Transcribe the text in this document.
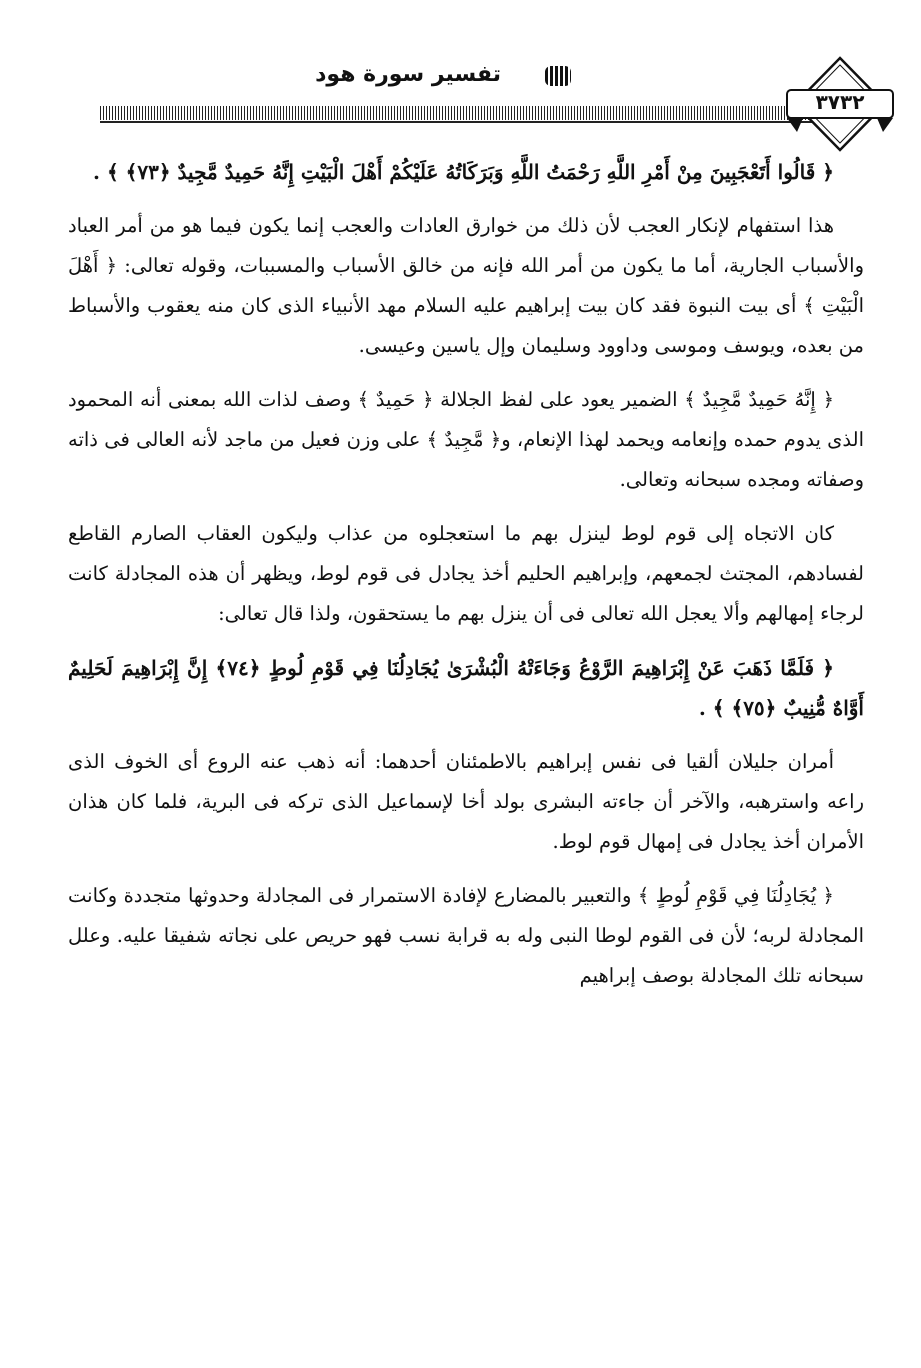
تفسير سورة هود
٣٧٣٢

﴿ قَالُوا أَتَعْجَبِينَ مِنْ أَمْرِ اللَّهِ رَحْمَتُ اللَّهِ وَبَرَكَاتُهُ عَلَيْكُمْ أَهْلَ الْبَيْتِ إِنَّهُ حَمِيدٌ مَّجِيدٌ ﴿٧٣﴾ ﴾ .

هذا استفهام لإنكار العجب لأن ذلك من خوارق العادات والعجب إنما يكون فيما هو من أمر العباد والأسباب الجارية، أما ما يكون من أمر الله فإنه من خالق الأسباب والمسببات، وقوله تعالى: ﴿ أَهْلَ الْبَيْتِ ﴾ أى بيت النبوة فقد كان بيت إبراهيم عليه السلام مهد الأنبياء الذى كان منه يعقوب والأسباط من بعده، ويوسف وموسى وداوود وسليمان وإل ياسين وعيسى.

﴿ إِنَّهُ حَمِيدٌ مَّجِيدٌ ﴾ الضمير يعود على لفظ الجلالة ﴿ حَمِيدٌ ﴾ وصف لذات الله بمعنى أنه المحمود الذى يدوم حمده وإنعامه ويحمد لهذا الإنعام، و﴿ مَّجِيدٌ ﴾ على وزن فعيل من ماجد لأنه العالى فى ذاته وصفاته ومجده سبحانه وتعالى.

كان الاتجاه إلى قوم لوط لينزل بهم ما استعجلوه من عذاب وليكون العقاب الصارم القاطع لفسادهم، المجتث لجمعهم، وإبراهيم الحليم أخذ يجادل فى قوم لوط، ويظهر أن هذه المجادلة كانت لرجاء إمهالهم وألا يعجل الله تعالى فى أن ينزل بهم ما يستحقون، ولذا قال تعالى:

﴿ فَلَمَّا ذَهَبَ عَنْ إِبْرَاهِيمَ الرَّوْعُ وَجَاءَتْهُ الْبُشْرَىٰ يُجَادِلُنَا فِي قَوْمِ لُوطٍ ﴿٧٤﴾ إِنَّ إِبْرَاهِيمَ لَحَلِيمٌ أَوَّاهٌ مُّنِيبٌ ﴿٧٥﴾ ﴾ .

أمران جليلان ألقيا فى نفس إبراهيم بالاطمئنان أحدهما: أنه ذهب عنه الروع أى الخوف الذى راعه واسترهبه، والآخر أن جاءته البشرى بولد أخا لإسماعيل الذى تركه فى البرية، فلما كان هذان الأمران أخذ يجادل فى إمهال قوم لوط.

﴿ يُجَادِلُنَا فِي قَوْمِ لُوطٍ ﴾ والتعبير بالمضارع لإفادة الاستمرار فى المجادلة وحدوثها متجددة وكانت المجادلة لربه؛ لأن فى القوم لوطا النبى وله به قرابة نسب فهو حريص على نجاته شفيقا عليه. وعلل سبحانه تلك المجادلة بوصف إبراهيم
